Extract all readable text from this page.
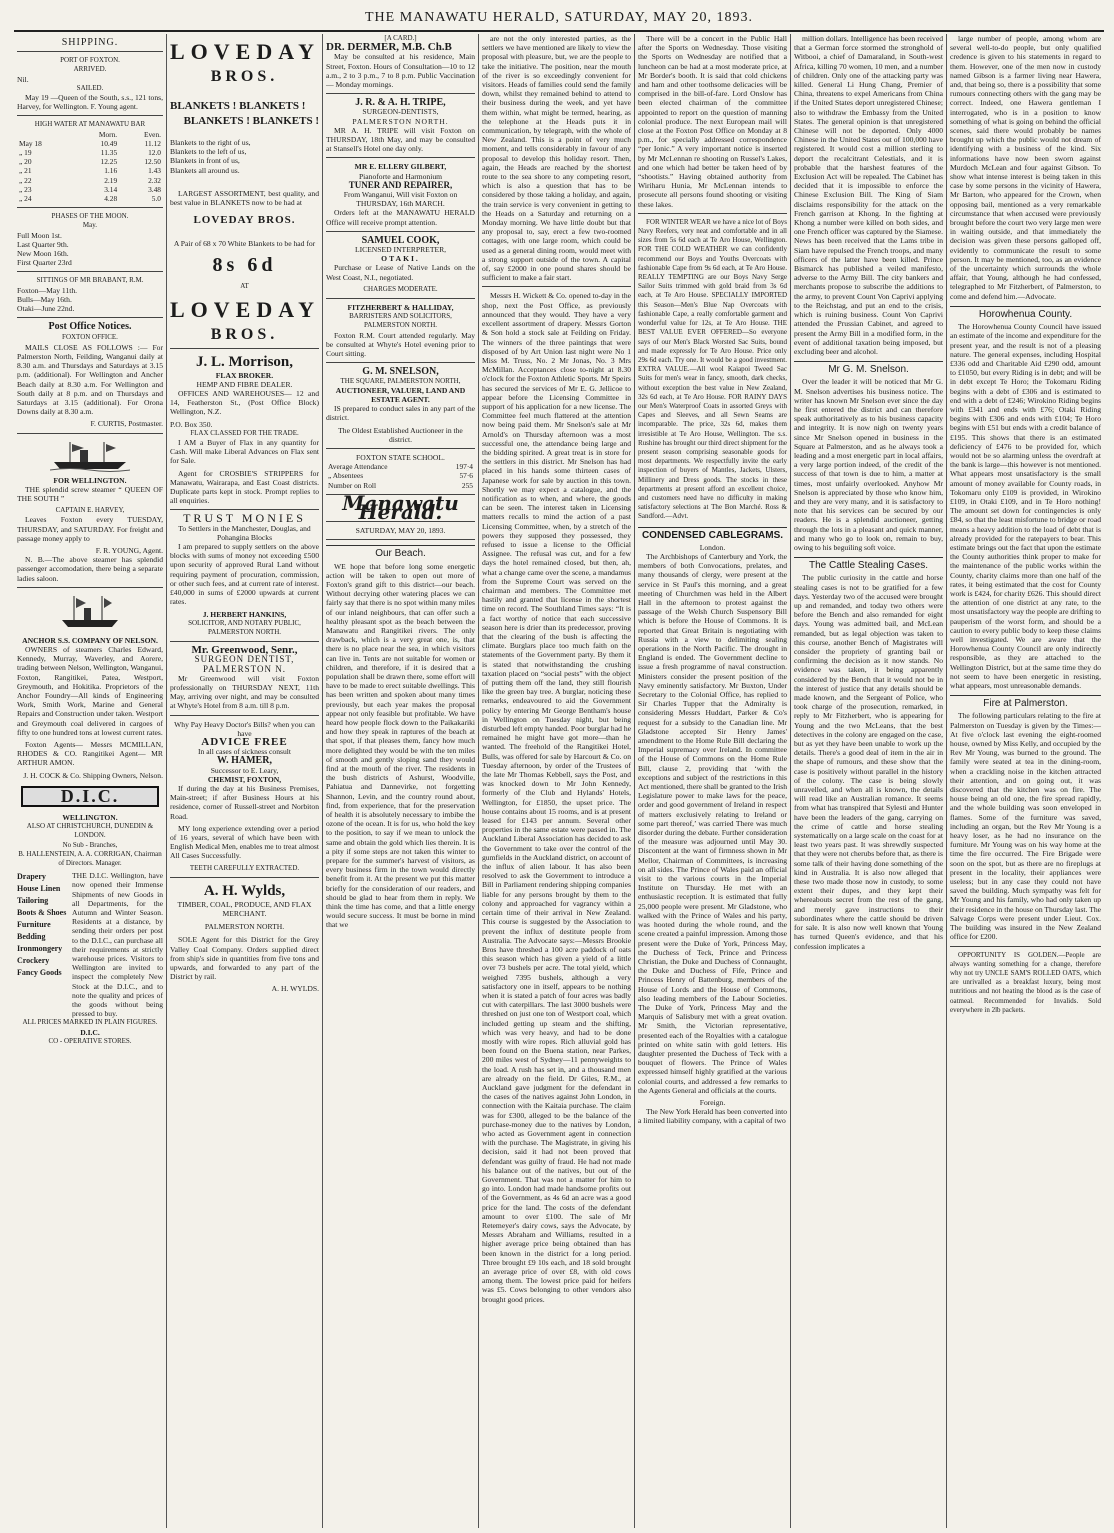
THE MANAWATU HERALD, SATURDAY, MAY 20, 1893.
SHIPPING.
PORT OF FOXTON.
ARRIVED.
Nil.
SAILED.

May 19 —Queen of the South, s.s., 121 tons, Harvey, for Wellington. F. Young agent.

HIGH WATER AT MANAWATU BAR
	Morn.	Even.
May 18	10.49	11.12
„ 19	11.35	12.0
„ 20	12.25	12.50
„ 21	1.16	1.43
„ 22	2.19	2.32
„ 23	3.14	3.48
„ 24	4.28	5.0
PHASES OF THE MOON.
May.
Full Moon 1st.
Last Quarter 9th.
New Moon 16th.
First Quarter 23rd
SITTINGS OF MR BRABANT, R.M.
Foxton—May 11th.
Bulls—May 16th.
Otaki—June 22nd.
Post Office Notices.
FOXTON OFFICE.

MAILS CLOSE AS FOLLOWS :— For Palmerston North, Feilding, Wanganui daily at 8.30 a.m. and Thursdays and Saturdays at 3.15 p.m. (additional). For Wellington and Ancher Beach daily at 8.30 a.m. For Wellington and South daily at 8 p.m. and on Thursdays and Saturdays at 3.15 (additional). For Orona Downs daily at 8.30 a.m.

F. CURTIS, Postmaster.
FOR WELLINGTON.

THE splendid screw steamer “ QUEEN OF THE SOUTH ”

CAPTAIN E. HARVEY,

Leaves Foxton every TUESDAY, THURSDAY, and SATURDAY. For freight and passage money apply to

F. R. YOUNG, Agent.

N. B.—The above steamer has splendid passenger accomodation, there being a separate ladies saloon.

ANCHOR S.S. COMPANY OF NELSON.

OWNERS of steamers Charles Edward, Kennedy, Murray, Waverley, and Aorere, trading between Nelson, Wellington, Wanganui, Foxton, Rangitikei, Patea, Westport, Greymouth, and Hokitika. Proprietors of the Anchor Foundry—All kinds of Engineering Work, Smith Work, Marine and General Repairs and Construction under taken. Westport and Greymouth coal delivered in cargoes of fifty to one hundred tons at lowest current rates.

Foxton Agents— Messrs MCMILLAN, RHODES & CO. Rangitikei Agent— MR ARTHUR AMON.

J. H. COCK & Co. Shipping Owners, Nelson.
D.I.C.
WELLINGTON.
ALSO AT CHRISTCHURCH, DUNEDIN & LONDON.
No Sub - Branches,
B. HALLENSTEIN, A. A. CORRIGAN, Chairman of Directors. Manager.
Drapery
House Linen
Tailoring
Boots & Shoes
Furniture
Bedding
Ironmongery
Crockery
Fancy Goods
THE D.I.C. Wellington, have now opened their Immense Shipments of new Goods in all Departments, for the Autumn and Winter Season. Residents at a distance, by sending their orders per post to the D.I.C., can purchase all their requirements at strictly warehouse prices. Visitors to Wellington are invited to inspect the completely New Stock at the D.I.C., and to note the quality and prices of the goods without being pressed to buy.
ALL PRICES MARKED IN PLAIN FIGURES.
D.I.C.
CO - OPERATIVE STORES.
LOVEDAY
BROS.
BLANKETS ! BLANKETS !
BLANKETS ! BLANKETS !
Blankets to the right of us,
Blankets to the left of us,
Blankets in front of us,
Blankets all around us.

LARGEST ASSORTMENT, best quality, and best value in BLANKETS now to be had at

LOVEDAY BROS.
A Pair of 68 x 70 White Blankets to be had for
8s 6d
AT
LOVEDAY
BROS.
J. L. Morrison,
FLAX BROKER.
HEMP AND FIBRE DEALER.

OFFICES AND WAREHOUSES— 12 and 14, Featherston St., (Post Office Block) Wellington, N.Z.

P.O. Box 350.
FLAX CLASSED FOR THE TRADE.

I AM a Buyer of Flax in any quantity for Cash. Will make Liberal Advances on Flax sent for Sale.

Agent for CROSBIE'S STRIPPERS for Manawatu, Wairarapa, and East Coast districts. Duplicate parts kept in stock. Prompt replies to all enquiries.

TRUST MONIES
To Settlers in the Manchester, Douglas, and Pohangina Blocks

I am prepared to supply settlers on the above blocks with sums of money not exceeding £500 upon security of approved Rural Land without requiring payment of procuration, commission, or other such fees, and at current rate of interest. £40,000 in sums of £2000 upwards at current rates.

J. HERBERT HANKINS,
SOLICITOR, AND NOTARY PUBLIC, PALMERSTON NORTH.
Mr. Greenwood, Senr.,
SURGEON DENTIST,
PALMERSTON N.

Mr Greenwood will visit Foxton professionally on THURSDAY NEXT, 11th May, arriving over night, and may be consulted at Whyte's Hotel from 8 a.m. till 8 p.m.

Why Pay Heavy Doctor's Bills? when you can have
ADVICE FREE
In all cases of sickness consult
W. HAMER,
Successor to E. Leary,
CHEMIST, FOXTON,

If during the day at his Business Premises, Main-street; if after Business Hours at his residence, corner of Russell-street and Norbiton Road.

MY long experience extending over a period of 16 years, several of which have been with English Medical Men, enables me to treat almost All Cases Successfully.

TEETH CAREFULLY EXTRACTED.
A. H. Wylds,
TIMBER, COAL, PRODUCE, AND FLAX MERCHANT.
PALMERSTON NORTH.

SOLE Agent for this District for the Grey Valley Coal Company. Orders supplied direct from ship's side in quantities from five tons and upwards, and forwarded to any part of the District by rail.

A. H. WYLDS.
[A CARD.]
DR. DERMER, M.B. Ch.B

May be consulted at his residence, Main Street, Foxton. Hours of Consultation—10 to 12 a.m., 2 to 3 p.m., 7 to 8 p.m. Public Vaccination — Monday mornings.

J. R. & A. H. TRIPE,
SURGEON-DENTISTS,
PALMERSTON NORTH.

MR A. H. TRIPE will visit Foxton on THURSDAY, 18th May, and may be consulted at Stansell's Hotel one day only.

MR E. ELLERY GILBERT,
Pianoforte and Harmonium
TUNER AND REPAIRER,
From Wanganui, Will visit Foxton on THURSDAY, 16th MARCH.

Orders left at the MANAWATU HERALD Office will receive prompt attention.

SAMUEL COOK,
LICENSED INTERPRETER,
OTAKI.

Purchase or Lease of Native Lands on the West Coast, N.I., negotiated.

CHARGES MODERATE.
FITZHERBERT & HALLIDAY,
BARRISTERS AND SOLICITORS,
PALMERSTON NORTH.

Foxton R.M. Court attended regularly. May be consulted at Whyte's Hotel evening prior to Court sitting.

G. M. SNELSON,
THE SQUARE, PALMERSTON NORTH,
AUCTIONEER, VALUER, LAND AND ESTATE AGENT.

IS prepared to conduct sales in any part of the district.

The Oldest Established Auctioneer in the district.
FOXTON STATE SCHOOL.
Average Attendance	197·4
„ Absentees	57·6
Number on Roll	255
Manawatu Herald.
SATURDAY, MAY 20, 1893.
Our Beach.

WE hope that before long some energetic action will be taken to open out more of Foxton's grand gift to this district—our beach. Without decrying other watering places we can fairly say that there is no spot within many miles of our inland neighbours, that can offer such a healthy pleasant spot as the beach between the Manawatu and Rangitikei rivers. The only drawback, which is a very great one, is, that there is no place near the sea, in which visitors can live in. Tents are not suitable for women or children, and therefore, if it is desired that a population shall be drawn there, some effort will have to be made to erect suitable dwellings. This has been written and spoken about many times previously, but each year makes the proposal appear not only feasible but profitable. We have heard how people flock down to the Paikakariki and how they speak in raptures of the beach at that spot, if that pleases them, fancy how much more delighted they would be with the ten miles of smooth and gently sloping sand they would find at the mouth of the river. The residents in the bush districts of Ashurst, Woodville, Pahiatua and Dannevirke, not forgetting Shannon, Levin, and the country round about, find, from experience, that for the preservation of health it is absolutely necessary to imbibe the ozone of the ocean. It is for us, who hold the key to the position, to say if we mean to unlock the same and obtain the gold which lies therein. It is a pity if some steps are not taken this winter to prepare for the summer's harvest of visitors, as every business firm in the town would directly benefit from it. At the present we put this matter briefly for the consideration of our readers, and should be glad to hear from them in reply. We think the time has come, and that a little energy would secure success. It must be borne in mind that we

are not the only interested parties, as the settlers we have mentioned are likely to view the proposal with pleasure, but, we are the people to take the initiative. The position, near the mouth of the river is so exceedingly convenient for visitors. Heads of families could send the family down, whilst they remained behind to attend to their business during the week, and yet have them within, what might be termed, hearing, as the telephone at the Heads puts it in communication, by telegraph, with the whole of New Zealand. This is a point of very much moment, and tells considerably in favour of any proposal to develop this holiday resort. Then, again, the Heads are reached by the shortest route to the sea shore to any competing resort, which is also a question that has to be considered by those taking a holiday, and again, the train service is very convenient in getting to the Heads on a Saturday and returning on a Monday morning. We have little doubt but that any proposal to, say, erect a few two-roomed cottages, with one large room, which could be used as a general dining room, would meet with a strong support outside of the town. A capital of, say £2000 in one pound shares should be sufficient to make a fair start.

Messrs H. Wickett & Co. opened to-day in the shop, next the Post Office, as previously announced that they would. They have a very excellent assortment of drapery. Messrs Gorton & Son hold a stock sale at Feilding on Friday. The winners of the three paintings that were disposed of by Art Union last night were No 1 Miss M. Truss, No. 2 Mr Jonas, No. 3 Mrs McMillan. Acceptances close to-night at 8.30 o'clock for the Foxton Athletic Sports. Mr Speirs has secured the services of Mr E. G. Jellicoe to appear before the Licensing Committee in support of his application for a new license. The Committee feel much flattered at the attention now being paid them. Mr Snelson's sale at Mr Arnold's on Thursday afternoon was a most successful one, the attendance being large and the bidding spirited. A great treat is in store for the settlers in this district. Mr Snelson has had placed in his hands some thirteen cases of Japanese work for sale by auction in this town. Shortly we may expect a catalogue, and the notification as to when, and where, the goods can be seen. The interest taken in Licensing matters recalls to mind the action of a past Licensing Committee, when, by a stretch of the powers they supposed they possessed, they refused to issue a license to the Official Assignee. The refusal was cut, and for a few days the hotel remained closed, but then, ah, what a change came over the scene, a mandamus from the Supreme Court was served on the chairman and members. The Committee met hastily and granted that license in the shortest time on record. The Southland Times says: “It is a fact worthy of notice that each successive season here is drier than its predecessor, proving that the clearing of the bush is affecting the climate. Burglars place too much faith on the statements of the Government party. By them it is stated that notwithstanding the crushing taxation placed on “social pests” with the object of putting them off the land, they still flourish like the green bay tree. A burglar, noticing these remarks, endeavoured to aid the Government policy by entering Mr George Bentham's house in Wellington on Tuesday night, but being disturbed left empty handed. Poor burglar had he remained he might have got more—than he wanted. The freehold of the Rangitikei Hotel, Bulls, was offered for sale by Harcourt & Co. on Tuesday afternoon, by order of the Trustees of the late Mr Thomas Kebbell, says the Post, and was knocked down to Mr John Kennedy, formerly of the Club and Hylands' Hotels, Wellington, for £1850, the upset price. The house contains about 15 rooms, and is at present leased for £143 per annum. Several other properties in the same estate were passed in. The Auckland Liberal Association has decided to ask the Government to take over the control of the gumfields in the Auckland district, on account of the influx of alien labour. It has also been resolved to ask the Government to introduce a Bill in Parliament rendering shipping companies liable for any persons brought by them to the colony and approached for vagrancy within a certain time of their arrival in New Zealand. This course is suggested by the Association to prevent the influx of destitute people from Australia. The Advocate says:—Messrs Brookie Bros have threshed a 100 acre paddock of oats this season which has given a yield of a little over 73 bushels per acre. The total yield, which weighed 7395 bushels, although a very satisfactory one in itself, appears to be nothing when it is stated a patch of four acres was badly cut with caterpillars. The last 3000 bushels were threshed on just one ton of Westport coal, which included getting up steam and the shifting, which was very heavy, and had to be done mostly with wire ropes. Rich alluvial gold has been found on the Buena station, near Parkes, 200 miles west of Sydney—11 pennyweights to the load. A rush has set in, and a thousand men are already on the field. Dr Giles, R.M., at Auckland gave judgment for the defendant in the cases of the natives against John London, in connection with the Kaitaia purchase. The claim was for £300, alleged to be the balance of the purchase-money due to the natives by London, who acted as Government agent in connection with the purchase. The Magistrate, in giving his decision, said it had not been proved that defendant was guilty of fraud. He had not made his balance out of the natives, but out of the Government. That was not a matter for him to go into. London had made handsome profits out of the Government, as 4s 6d an acre was a good price for the land. The costs of the defendant amount to over £100. The sale of Mr Retemeyer's dairy cows, says the Advocate, by Messrs Abraham and Williams, resulted in a higher average price being obtained than has been known in the district for a long period. Three brought £9 10s each, and 18 sold brought an average price of over £8, with old cows among them. The lowest price paid for heifers was £5. Cows belonging to other vendors also brought good prices.

There will be a concert in the Public Hall after the Sports on Wednesday. Those visiting the Sports on Wednesday are notified that a luncheon can be had at a most moderate price, at Mr Border's booth. It is said that cold chickens and ham and other toothsome delicacies will be comprised in the bill-of-fare. Lord Onslow has been elected chairman of the committee appointed to report on the question of manning colonial produce. The next European mail will close at the Foxton Post Office on Monday at 8 p.m., for specially addressed correspondence “per Ionic.” A very important notice is inserted by Mr McLennan re shooting on Russel's Lakes, and one which had better be taken heed of by “shootists.” Having obtained authority from Wiriharu Hunia, Mr McLennan intends to prosecute all persons found shooting or visiting these lakes.

FOR WINTER WEAR we have a nice lot of Boys Navy Reefers, very neat and comfortable and in all sizes from 5s 6d each at Te Aro House, Wellington. FOR THE COLD WEATHER we can confidently recommend our Boys and Youths Overcoats with fashionable Cape from 9s 6d each, at Te Aro House. REALLY TEMPTING are our Boys Navy Serge Sailor Suits trimmed with gold braid from 3s 6d each, at Te Aro House. SPECIALLY IMPORTED this Season—Men's Blue Nap Overcoats with fashionable Cape, a really comfortable garment and wonderful value for 12s, at Te Aro House. THE BEST VALUE EVER OFFERED—So everyone says of our Men's Black Worsted Sac Suits, bound and made expressly for Te Aro House. Price only 29s 6d each. Try one. It would be a good investment. EXTRA VALUE.—All wool Kaiapoi Tweed Sac Suits for men's wear in fancy, smooth, dark checks, without exception the best value in New Zealand, 32s 6d each, at Te Aro House. FOR RAINY DAYS our Men's Waterproof Coats in assorted Greys with Capes and Sleeves, and all Sewn Seams are incomparable. The price, 32s 6d, makes them irresistible at Te Aro House, Wellington. The s.s. Rushine has brought our third direct shipment for the present season comprising seasonable goods for most departments. We respectfully invite the early inspection of buyers of Mantles, Jackets, Ulsters, Millinery and Dress goods. The stocks in these departments at present afford an excellent choice, and customers need have no difficulty in making satisfactory selections at The Bon Marché. Ross & Sandford.—Advt.

CONDENSED CABLEGRAMS.
London.

The Archbishops of Canterbury and York, the members of both Convocations, prelates, and many thousands of clergy, were present at the service in St Paul's this morning, and a great meeting of Churchmen was held in the Albert Hall in the afternoon to protest against the passage of the Welsh Church Suspensory Bill which is before the House of Commons. It is reported that Great Britain is negotiating with Russia with a view to delimiting sealing operations in the North Pacific. The drought in England is ended. The Government decline to issue a fresh programme of naval construction. Ministers consider the present position of the Navy eminently satisfactory. Mr Buxton, Under Secretary to the Colonial Office, has replied to Sir Charles Tupper that the Admiralty is considering Messrs Huddart, Parker & Co's request for a subsidy to the Canadian line. Mr Gladstone accepted Sir Henry James' amendment to the Home Rule Bill declaring the Imperial supremacy over Ireland. In committee of the House of Commons on the Home Rule Bill, clause 2, providing that ‘with the exceptions and subject of the restrictions in this Act mentioned, there shall be granted to the Irish Legislature power to make laws for the peace, order and good government of Ireland in respect of matters exclusively relating to Ireland or some part thereof,’ was carried There was much disorder during the debate. Further consideration of the measure was adjourned until May 30. Discontent at the want of firmness shown in Mr Mellor, Chairman of Committees, is increasing on all sides. The Prince of Wales paid an official visit to the various courts in the Imperial Institute on Thursday. He met with an enthusiastic reception. It is estimated that fully 25,000 people were present. Mr Gladstone, who walked with the Prince of Wales and his party, was hooted during the whole round, and the scene created a painful impression. Among those present were the Duke of York, Princess May, the Duchess of Teck, Prince and Princess Christian, the Duke and Duchess of Connaught, the Duke and Duchess of Fife, Prince and Princess Henry of Battenburg, members of the House of Lords and the House of Commons, also leading members of the Labour Societies. The Duke of York, Princess May and the Marquis of Salisbury met with a great ovation. Mr Smith, the Victorian representative, presented each of the Royalties with a catalogue printed on white satin with gold letters. His daughter presented the Duchess of Teck with a bouquet of flowers. The Prince of Wales expressed himself highly gratified at the various colonial courts, and addressed a few remarks to the Agents General and officials at the courts.

Foreign.

The New York Herald has been converted into a limited liability company, with a capital of two

million dollars. Intelligence has been received that a German force stormed the stronghold of Witbooi, a chief of Damaraland, in South-west Africa, killing 70 women, 10 men, and a number of children. Only one of the attacking party was killed. General Li Hung Chang, Premier of China, threatens to expel Americans from China if the United States deport unregistered Chinese; also to withdraw the Embassy from the United States. The general opinion is that unregistered Chinese will not be deported. Only 4000 Chinese in the United States out of 100,000 have registered. It would cost a million sterling to deport the recalcitrant Celestials, and it is probable that the harshest features of the Exclusion Act will be repealed. The Cabinet has decided that it is impossible to enforce the Chinese Exclusion Bill. The King of Siam disclaims responsibility for the attack on the French garrison at Khong. In the fighting at Khong a number were killed on both sides, and one French officer was captured by the Siamese. News has been received that the Lams tribe in Siam have repulsed the French troops, and many officers of the latter have been killed. Prince Bismarck has published a veiled manifesto, adverse to the Army Bill. The city bankers and merchants propose to subscribe the additions to the army, to prevent Count Von Caprivi applying to the Reichstag, and put an end to the crisis, which is ruining business. Count Von Caprivi attended the Prussian Cabinet, and agreed to present the Army Bill in a modified form, in the event of additional taxation being imposed, but excluding beer and alcohol.

Mr G. M. Snelson.

Over the leader it will be noticed that Mr G. M. Snelson advertises his business notice. The writer has known Mr Snelson ever since the day he first entered the district and can therefore speak authoritatively as to his business capacity and integrity. It is now nigh on twenty years since Mr Snelson opened in business in the Square at Palmerston, and as he always took a leading and a most energetic part in local affairs, a very large portion indeed, of the credit of the success of that town is due to him, a matter at times, most unfairly overlooked. Anyhow Mr Snelson is appreciated by those who know him, and they are very many, and it is satisfactory to note that his services can be secured by our readers. He is a splendid auctioneer, getting through the lots in a pleasant and quick manner, and many who go to look on, remain to buy, owing to his beguiling soft voice.

The Cattle Stealing Cases.

The public curiosity in the cattle and horse stealing cases is not to be gratified for a few days. Yesterday two of the accused were brought up and remanded, and today two others were before the Bench and also remanded for eight days. Young was admitted bail, and McLean remanded, but as legal objection was taken to this course, another Bench of Magistrates will consider the propriety of granting bail or confirming the decision as it now stands. No evidence was taken, it being apparently considered by the Bench that it would not be in the interest of justice that any details should be made known, and the Sergeant of Police, who took charge of the prosecution, remarked, in reply to Mr Fitzherbert, who is appearing for Young and the two McLeans, that the best detectives in the colony are engaged on the case, but as yet they have been unable to work up the details. There's a good deal of item in the air in the shape of rumours, and these show that the case is positively without parallel in the history of the colony. The case is being slowly unravelled, and when all is known, the details will read like an Australian romance. It seems from what has transpired that Sylesti and Hunter have been the leaders of the gang, carrying on the crime of cattle and horse stealing systematically on a large scale on the coast for at least two years past. It was shrewdly suspected that they were not cherubs before that, as there is some talk of their having done something of the kind in Australia. It is also now alleged that these two made those now in custody, to some extent their dupes, and they kept their whereabouts secret from the rest of the gang, and merely gave instructions to their subordinates where the cattle should be driven for sale. It is also now well known that Young has turned Queen's evidence, and that his confession implicates a

large number of people, among whom are several well-to-do people, but only qualified credence is given to his statements in regard to them. However, one of the men now in custody named Gibson is a farmer living near Hawera, and, that being so, there is a possibility that some rumours connecting others with the gang may be correct. Indeed, one Hawera gentleman I interrogated, who is in a position to know something of what is going on behind the official scenes, said there would probably be names brought up which the public would not dream of identifying with a business of the kind. Six informations have now been sworn against Murdoch McLean and four against Gibson. To show what intense interest is being taken in this case by some persons in the vicinity of Hawera, Mr Barton, who appeared for the Crown, when opposing bail, mentioned as a very remarkable circumstance that when accused were previously brought before the court two very large men were in waiting outside, and that immediately the decision was given these persons galloped off, evidently to communicate the result to some person. It may be mentioned, too, as an evidence of the uncertainty which surrounds the whole affair, that Young, although he had confessed, telegraphed to Mr Fitzherbert, of Palmerston, to come and defend him.—Advocate.

Horowhenua County.

The Horowhenua County Council have issued an estimate of the income and expenditure for the present year, and the result is not of a pleasing nature. The general expenses, including Hospital £336 odd and Charitable Aid £290 odd, amount to £1050, but every Riding is in debt; and will be in debt except Te Horo; the Tokomaru Riding begins with a debt of £306 and is estimated to end with a debt of £246; Wirokino Riding begins with £341 and ends with £76; Otaki Riding begins with £306 and ends with £104; Te Horo begins with £51 but ends with a credit balance of £195. This shows that there is an estimated deficiency of £476 to be provided for, which would not be so alarming unless the overdraft at the bank is large—this however is not mentioned. What appears most unsatisfactory is the small amount of money available for County roads, in Tokomaru only £109 is provided, in Wirokino £109, in Otaki £109, and in Te Horo nothing! The amount set down for contingencies is only £84, so that the least misfortune to bridge or road means a heavy addition to the load of debt that is already provided for the ratepayers to bear. This estimate brings out the fact that upon the estimate the County authorities think proper to make for the maintenance of the public works within the County, charity claims more than one half of the rates, it being estimated that the cost for County work is £424, for charity £626. This should direct the attention of one district at any rate, to the most unsatisfactory way the people are drifting to pauperism of the worst form, and should be a caution to every public body to keep these claims well investigated. We are aware that the Horowhenua County Council are only indirectly responsible, as they are attached to the Wellington District, but at the same time they do not seem to have been energetic in resisting, what appears, most unreasonable demands.

Fire at Palmerston.

The following particulars relating to the fire at Palmerston on Tuesday is given by the Times:—At five o'clock last evening the eight-roomed house, owned by Miss Kelly, and occupied by the Rev Mr Young, was burned to the ground. The family were seated at tea in the dining-room, when a crackling noise in the kitchen attracted their attention, and on going out, it was discovered that the kitchen was on fire. The house being an old one, the fire spread rapidly, and the whole building was soon enveloped in flames. Some of the furniture was saved, including an organ, but the Rev Mr Young is a heavy loser, as he had no insurance on the furniture. Mr Young was on his way home at the time the fire occurred. The Fire Brigade were soon on the spot, but as there are no fireplugs at present in the locality, their appliances were useless; but in any case they could not have saved the building. Much sympathy was felt for Mr Young and his family, who had only taken up their residence in the house on Thursday last. The Salvage Corps were present under Lieut. Cox. The building was insured in the New Zealand office for £200.

OPPORTUNITY IS GOLDEN.—People are always wanting something for a change, therefore why not try UNCLE SAM'S ROLLED OATS, which are unrivalled as a breakfast luxury, being most nutritious and not heating the blood as is the case of oatmeal. Recommended for Invalids. Sold everywhere in 2lb packets.
